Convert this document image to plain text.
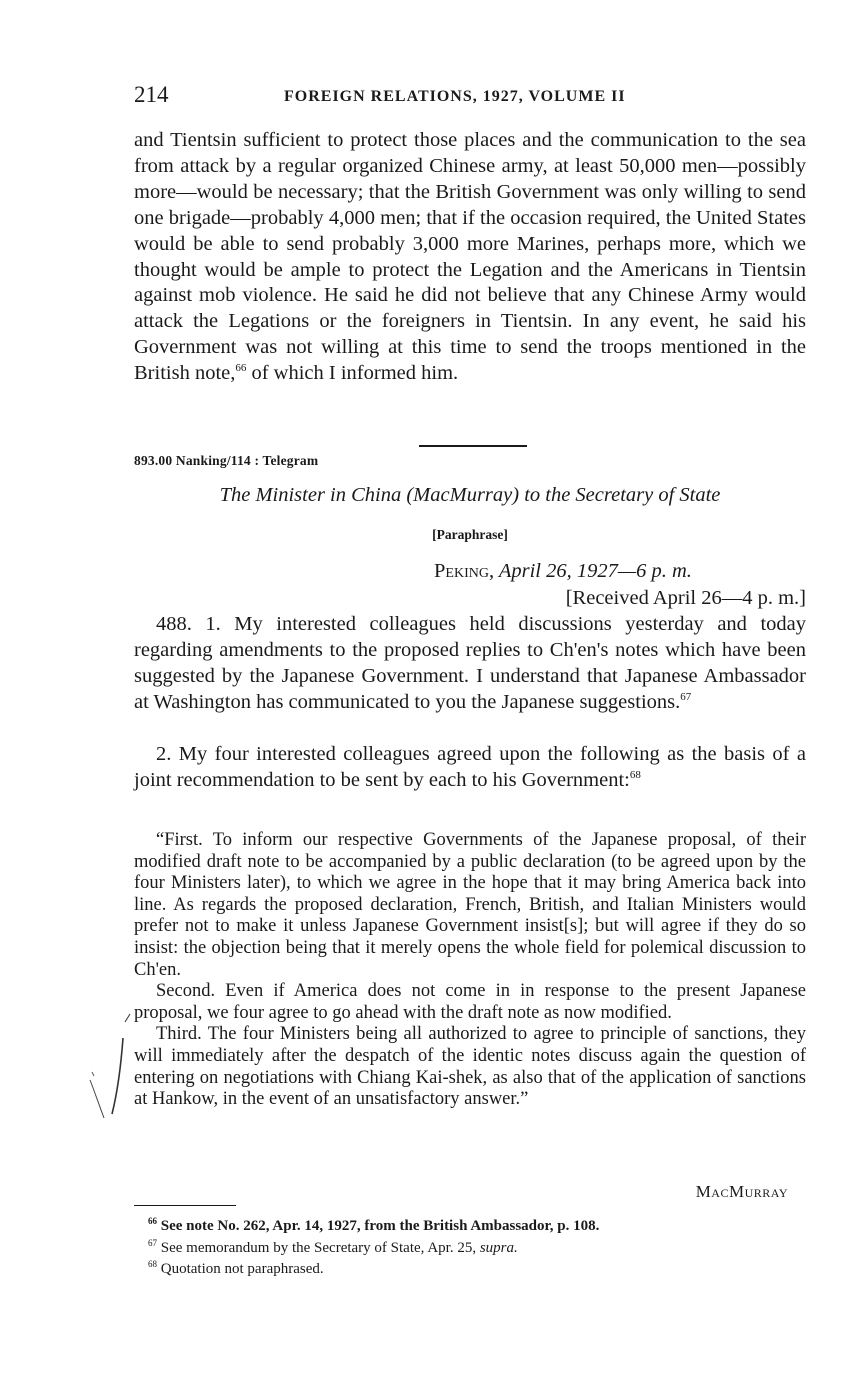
214	FOREIGN RELATIONS, 1927, VOLUME II

and Tientsin sufficient to protect those places and the communication to the sea from attack by a regular organized Chinese army, at least 50,000 men—possibly more—would be necessary; that the British Government was only willing to send one brigade—probably 4,000 men; that if the occasion required, the United States would be able to send probably 3,000 more Marines, perhaps more, which we thought would be ample to protect the Legation and the Americans in Tientsin against mob violence. He said he did not believe that any Chinese Army would attack the Legations or the foreigners in Tientsin. In any event, he said his Government was not willing at this time to send the troops mentioned in the British note,$^{66}$ of which I informed him.

893.00 Nanking/114 : Telegram
The Minister in China (MacMurray) to the Secretary of State
[Paraphrase]
Peking, April 26, 1927—6 p. m.
[Received April 26—4 p. m.]

488. 1. My interested colleagues held discussions yesterday and today regarding amendments to the proposed replies to Ch'en's notes which have been suggested by the Japanese Government. I understand that Japanese Ambassador at Washington has communicated to you the Japanese suggestions.$^{67}$

2. My four interested colleagues agreed upon the following as the basis of a joint recommendation to be sent by each to his Government:$^{68}$

“First. To inform our respective Governments of the Japanese proposal, of their modified draft note to be accompanied by a public declaration (to be agreed upon by the four Ministers later), to which we agree in the hope that it may bring America back into line. As regards the proposed declaration, French, British, and Italian Ministers would prefer not to make it unless Japanese Government insist[s]; but will agree if they do so insist: the objection being that it merely opens the whole field for polemical discussion to Ch'en.

Second. Even if America does not come in in response to the present Japanese proposal, we four agree to go ahead with the draft note as now modified.

Third. The four Ministers being all authorized to agree to principle of sanctions, they will immediately after the despatch of the identic notes discuss again the question of entering on negotiations with Chiang Kai-shek, as also that of the application of sanctions at Hankow, in the event of an unsatisfactory answer.”

MacMurray
$^{66}$ See note No. 262, Apr. 14, 1927, from the British Ambassador, p. 108.
$^{67}$ See memorandum by the Secretary of State, Apr. 25, supra.
$^{68}$ Quotation not paraphrased.
